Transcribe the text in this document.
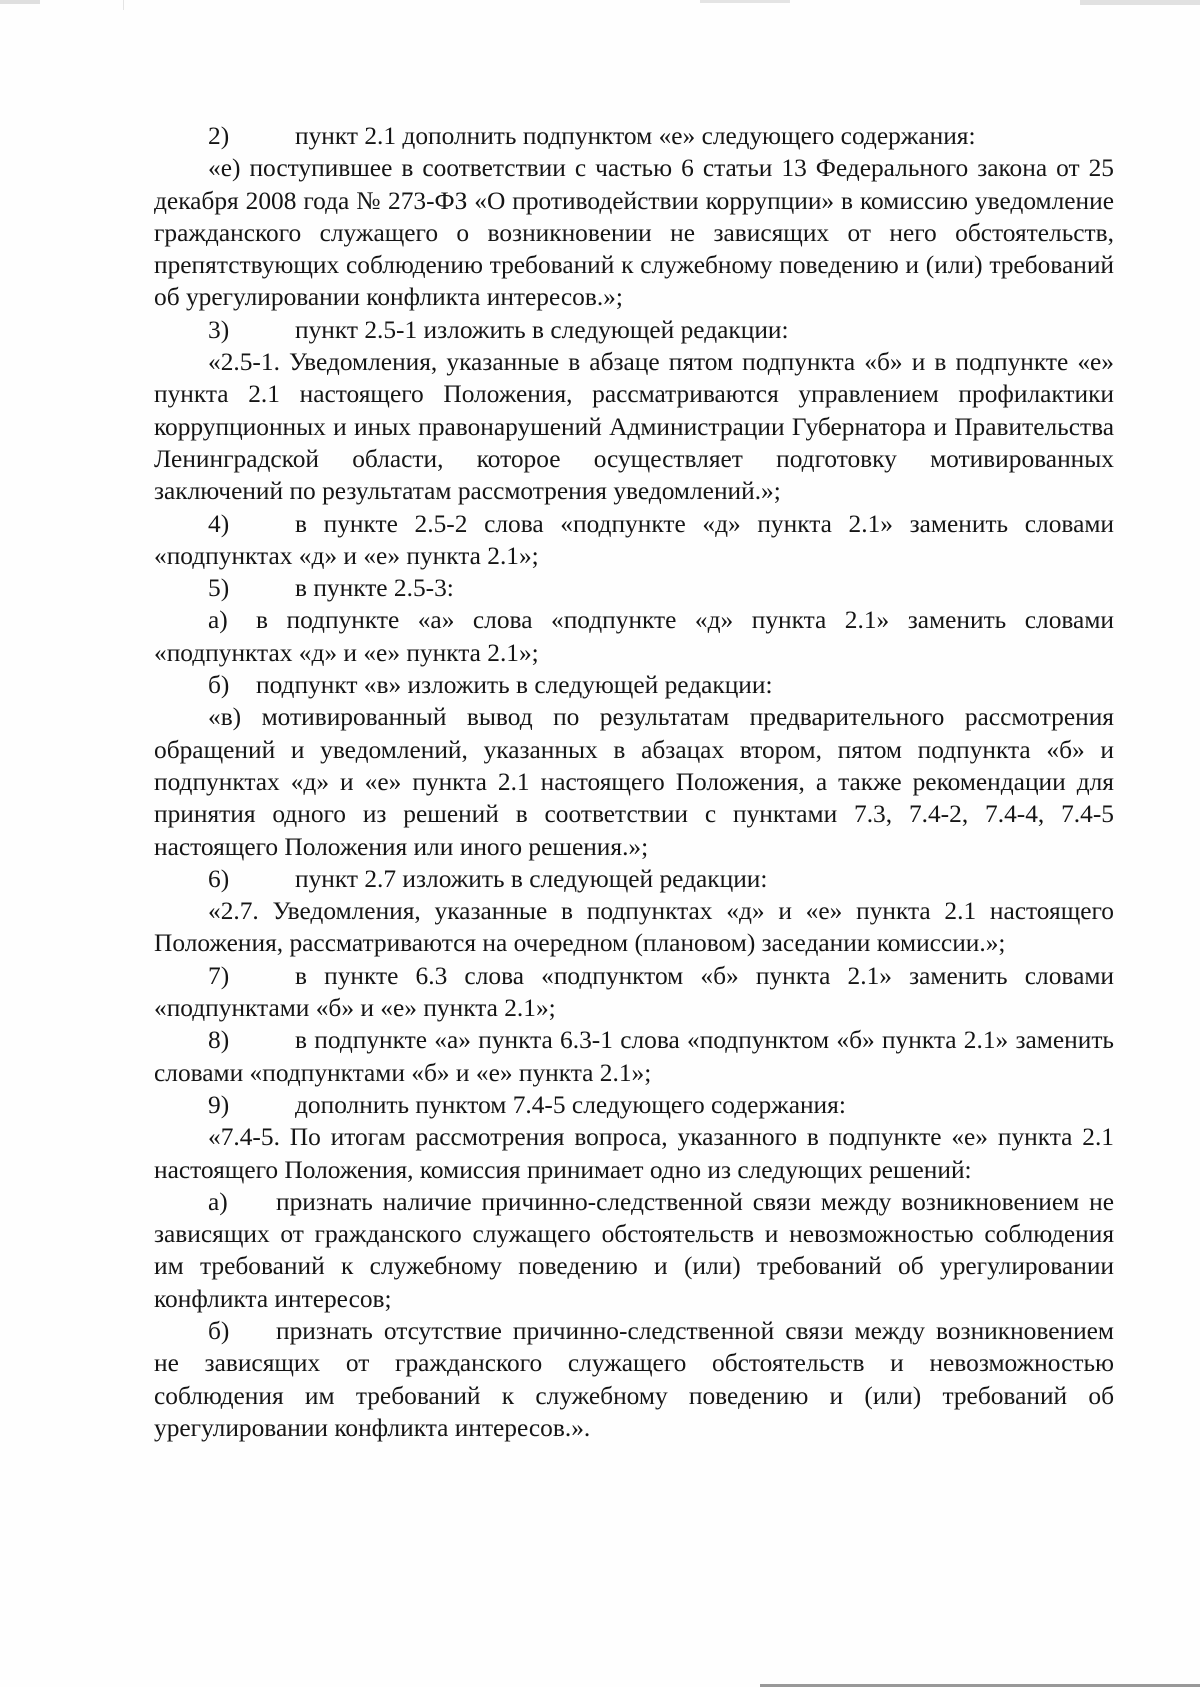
2)	пункт 2.1 дополнить подпунктом «е» следующего содержания:

«е) поступившее в соответствии с частью 6 статьи 13 Федерального закона от 25 декабря 2008 года № 273-ФЗ «О противодействии коррупции» в комиссию уведомление гражданского служащего о возникновении не зависящих от него обстоятельств, препятствующих соблюдению требований к служебному поведению и (или) требований об урегулировании конфликта интересов.»;

3)	пункт 2.5-1 изложить в следующей редакции:

«2.5-1. Уведомления, указанные в абзаце пятом подпункта «б» и в подпункте «е» пункта 2.1 настоящего Положения, рассматриваются управлением профилактики коррупционных и иных правонарушений Администрации Губернатора и Правительства Ленинградской области, которое осуществляет подготовку мотивированных заключений по результатам рассмотрения уведомлений.»;

4)	в пункте 2.5-2 слова «подпункте «д» пункта 2.1» заменить словами «подпунктах «д» и «е» пункта 2.1»;

5)	в пункте 2.5-3:

а) в подпункте «а» слова «подпункте «д» пункта 2.1» заменить словами «подпунктах «д» и «е» пункта 2.1»;

б) подпункт «в» изложить в следующей редакции:

«в) мотивированный вывод по результатам предварительного рассмотрения обращений и уведомлений, указанных в абзацах втором, пятом подпункта «б» и подпунктах «д» и «е» пункта 2.1 настоящего Положения, а также рекомендации для принятия одного из решений в соответствии с пунктами 7.3, 7.4-2, 7.4-4, 7.4-5 настоящего Положения или иного решения.»;

6)	пункт 2.7 изложить в следующей редакции:

«2.7. Уведомления, указанные в подпунктах «д» и «е» пункта 2.1 настоящего Положения, рассматриваются на очередном (плановом) заседании комиссии.»;

7)	в пункте 6.3 слова «подпунктом «б» пункта 2.1» заменить словами «подпунктами «б» и «е» пункта 2.1»;

8)	в подпункте «а» пункта 6.3-1 слова «подпунктом «б» пункта 2.1» заменить словами «подпунктами «б» и «е» пункта 2.1»;

9)	дополнить пунктом 7.4-5 следующего содержания:

«7.4-5. По итогам рассмотрения вопроса, указанного в подпункте «е» пункта 2.1 настоящего Положения, комиссия принимает одно из следующих решений:

а) признать наличие причинно-следственной связи между возникновением не зависящих от гражданского служащего обстоятельств и невозможностью соблюдения им требований к служебному поведению и (или) требований об урегулировании конфликта интересов;

б) признать отсутствие причинно-следственной связи между возникновением не зависящих от гражданского служащего обстоятельств и невозможностью соблюдения им требований к служебному поведению и (или) требований об урегулировании конфликта интересов.».
